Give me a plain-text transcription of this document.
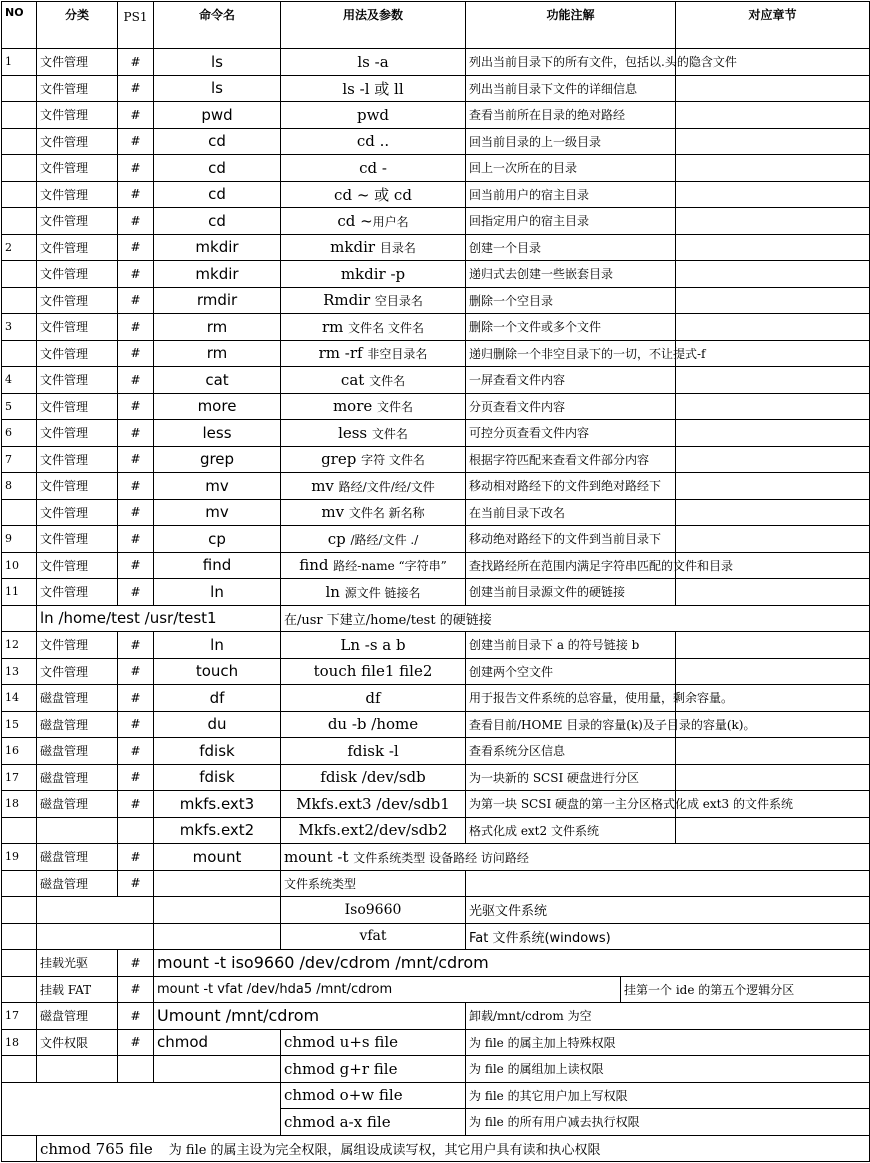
NO	分类	PS1	命令名	用法及参数	功能注解		对应章节
1	文件管理	#	ls	ls -a	列出当前目录下的所有文件，包括以.头的隐含文件		
	文件管理	#	ls	ls -l 或 ll	列出当前目录下文件的详细信息		
	文件管理	#	pwd	pwd	查看当前所在目录的绝对路经		
	文件管理	#	cd	cd ..	回当前目录的上一级目录		
	文件管理	#	cd	cd -	回上一次所在的目录		
	文件管理	#	cd	cd ~ 或 cd	回当前用户的宿主目录		
	文件管理	#	cd	cd ~用户名	回指定用户的宿主目录		
2	文件管理	#	mkdir	mkdir 目录名	创建一个目录		
	文件管理	#	mkdir	mkdir -p	递归式去创建一些嵌套目录		
	文件管理	#	rmdir	Rmdir 空目录名	删除一个空目录		
3	文件管理	#	rm	rm 文件名 文件名	删除一个文件或多个文件		
	文件管理	#	rm	rm -rf 非空目录名	递归删除一个非空目录下的一切，不让提式-f		
4	文件管理	#	cat	cat 文件名	一屏查看文件内容		
5	文件管理	#	more	more 文件名	分页查看文件内容		
6	文件管理	#	less	less 文件名	可控分页查看文件内容		
7	文件管理	#	grep	grep 字符 文件名	根据字符匹配来查看文件部分内容		
8	文件管理	#	mv	mv 路经/文件/经/文件	移动相对路经下的文件到绝对路经下		
	文件管理	#	mv	mv 文件名 新名称	在当前目录下改名		
9	文件管理	#	cp	cp /路经/文件 ./	移动绝对路经下的文件到当前目录下		
10	文件管理	#	find	find 路经-name “字符串”	查找路经所在范围内满足字符串匹配的文件和目录		
11	文件管理	#	ln	ln 源文件 链接名	创建当前目录源文件的硬链接		
	ln /home/test /usr/test1			在/usr 下建立/home/test 的硬链接			
12	文件管理	#	ln	Ln -s a b	创建当前目录下 a 的符号链接 b		
13	文件管理	#	touch	touch file1 file2	创建两个空文件		
14	磁盘管理	#	df	df	用于报告文件系统的总容量，使用量，剩余容量。		
15	磁盘管理	#	du	du -b /home	查看目前/HOME 目录的容量(k)及子目录的容量(k)。		
16	磁盘管理	#	fdisk	fdisk -l	查看系统分区信息		
17	磁盘管理	#	fdisk	fdisk /dev/sdb	为一块新的 SCSI 硬盘进行分区		
18	磁盘管理	#	mkfs.ext3	Mkfs.ext3 /dev/sdb1	为第一块 SCSI 硬盘的第一主分区格式化成 ext3 的文件系统		
			mkfs.ext2	Mkfs.ext2/dev/sdb2	格式化成 ext2 文件系统		
19	磁盘管理	#	mount	mount -t 文件系统类型 设备路经 访问路经			
	磁盘管理	#		文件系统类型			
				Iso9660	光驱文件系统		
				vfat	Fat 文件系统(windows)		
	挂载光驱	#	mount -t iso9660 /dev/cdrom /mnt/cdrom				
	挂载 FAT	#	mount -t vfat /dev/hda5 /mnt/cdrom			挂第一个 ide 的第五个逻辑分区	
17	磁盘管理	#	Umount /mnt/cdrom		卸载/mnt/cdrom 为空		
18	文件权限	#	chmod	chmod u+s file	为 file 的属主加上特殊权限		
				chmod g+r file	为 file 的属组加上读权限		
				chmod o+w file	为 file 的其它用户加上写权限		
				chmod a-x file	为 file 的所有用户减去执行权限		
	chmod 765 file 为 file 的属主设为完全权限，属组设成读写权，其它用户具有读和执心权限						
